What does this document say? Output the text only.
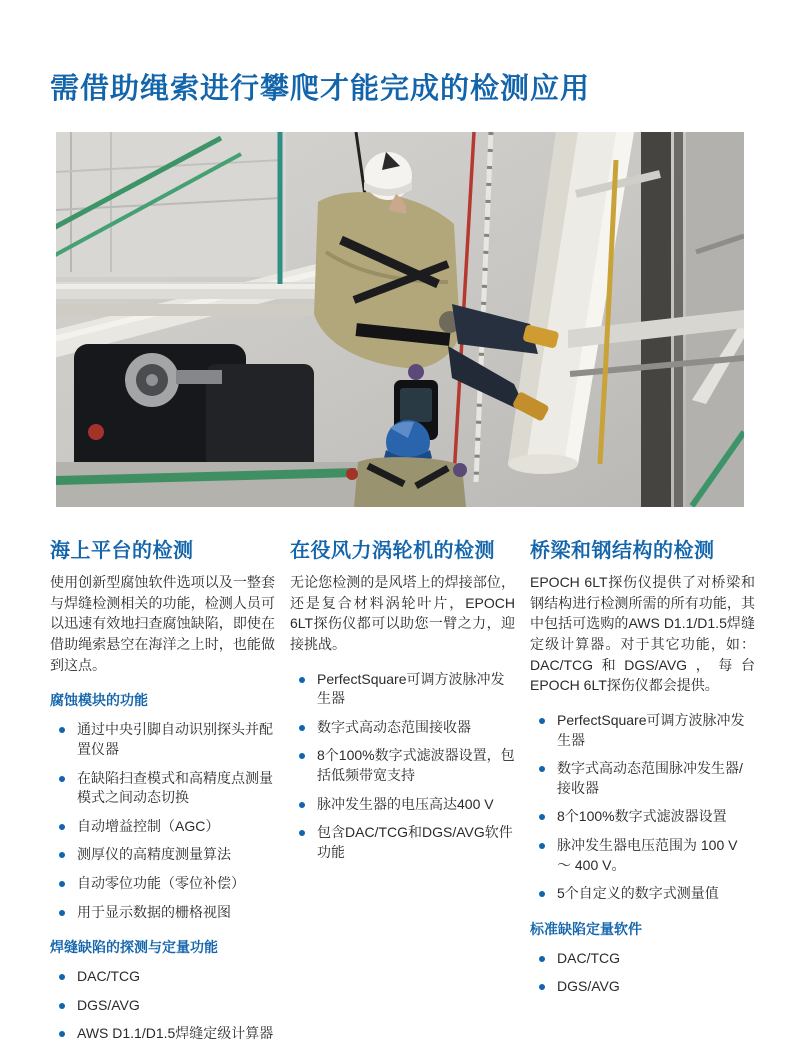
需借助绳索进行攀爬才能完成的检测应用
海上平台的检测

使用创新型腐蚀软件选项以及一整套与焊缝检测相关的功能，检测人员可以迅速有效地扫查腐蚀缺陷，即使在借助绳索悬空在海洋之上时，也能做到这点。

腐蚀模块的功能
通过中央引脚自动识别探头并配置仪器
在缺陷扫查模式和高精度点测量模式之间动态切换
自动增益控制（AGC）
测厚仪的高精度测量算法
自动零位功能（零位补偿）
用于显示数据的栅格视图
焊缝缺陷的探测与定量功能
DAC/TCG
DGS/AVG
AWS D1.1/D1.5焊缝定级计算器
在役风力涡轮机的检测

无论您检测的是风塔上的焊接部位，还是复合材料涡轮叶片，EPOCH 6LT探伤仪都可以助您一臂之力，迎接挑战。

PerfectSquare可调方波脉冲发生器
数字式高动态范围接收器
8个100%数字式滤波器设置，包括低频带宽支持
脉冲发生器的电压高达400 V
包含DAC/TCG和DGS/AVG软件功能
桥梁和钢结构的检测

EPOCH 6LT探伤仪提供了对桥梁和钢结构进行检测所需的所有功能，其中包括可选购的AWS D1.1/D1.5焊缝定级计算器。对于其它功能，如：DAC/TCG和DGS/AVG，每台EPOCH 6LT探伤仪都会提供。

PerfectSquare可调方波脉冲发生器
数字式高动态范围脉冲发生器/接收器
8个100%数字式滤波器设置
脉冲发生器电压范围为 100 V ～ 400 V。
5个自定义的数字式测量值
标准缺陷定量软件
DAC/TCG
DGS/AVG
